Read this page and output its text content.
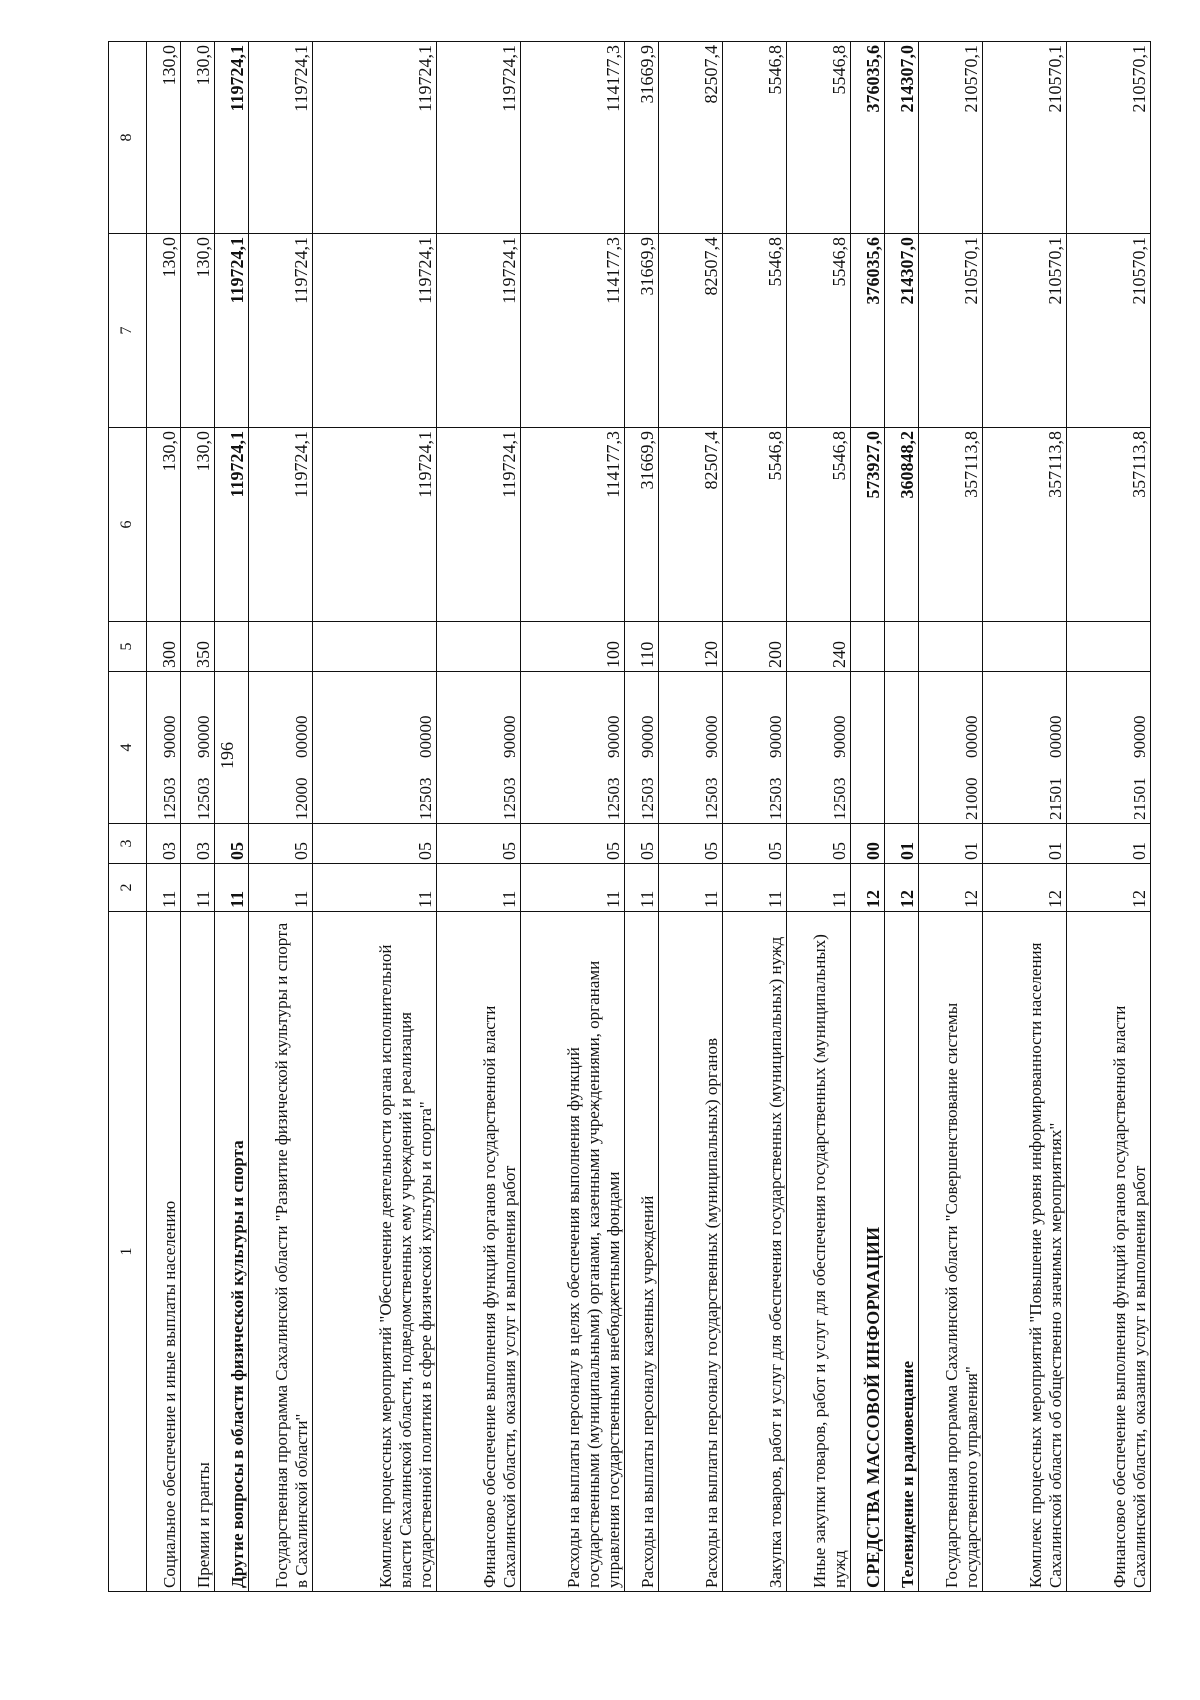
196
1	2	3	4	5	6	7	8
Социальное обеспечение и иные выплаты населению	11	03	1250390000	300	130,0	130,0	130,0
Премии и гранты	11	03	1250390000	350	130,0	130,0	130,0
Другие вопросы в области физической культуры и спорта	11	05			119724,1	119724,1	119724,1
Государственная программа Сахалинской области "Развитие физической культуры и спорта в Сахалинской области"	11	05	1200000000		119724,1	119724,1	119724,1
Комплекс процессных мероприятий "Обеспечение деятельности органа исполнительной власти Сахалинской области, подведомственных ему учреждений и реализация государственной политики в сфере физической культуры и спорта"	11	05	1250300000		119724,1	119724,1	119724,1
Финансовое обеспечение выполнения функций органов государственной власти Сахалинской области, оказания услуг и выполнения работ	11	05	1250390000		119724,1	119724,1	119724,1
Расходы на выплаты персоналу в целях обеспечения выполнения функций государственными (муниципальными) органами, казенными учреждениями, органами управления государственными внебюджетными фондами	11	05	1250390000	100	114177,3	114177,3	114177,3
Расходы на выплаты персоналу казенных учреждений	11	05	1250390000	110	31669,9	31669,9	31669,9
Расходы на выплаты персоналу государственных (муниципальных) органов	11	05	1250390000	120	82507,4	82507,4	82507,4
Закупка товаров, работ и услуг для обеспечения государственных (муниципальных) нужд	11	05	1250390000	200	5546,8	5546,8	5546,8
Иные закупки товаров, работ и услуг для обеспечения государственных (муниципальных) нужд	11	05	1250390000	240	5546,8	5546,8	5546,8
СРЕДСТВА МАССОВОЙ ИНФОРМАЦИИ	12	00			573927,0	376035,6	376035,6
Телевидение и радиовещание	12	01			360848,2	214307,0	214307,0
Государственная программа Сахалинской области "Совершенствование системы государственного управления"	12	01	2100000000		357113,8	210570,1	210570,1
Комплекс процессных мероприятий "Повышение уровня информированности населения Сахалинской области об общественно значимых мероприятиях"	12	01	2150100000		357113,8	210570,1	210570,1
Финансовое обеспечение выполнения функций органов государственной власти Сахалинской области, оказания услуг и выполнения работ	12	01	2150190000		357113,8	210570,1	210570,1
